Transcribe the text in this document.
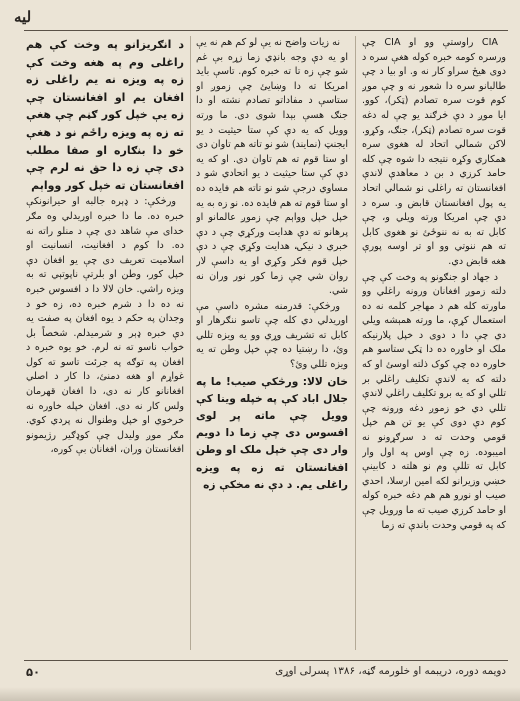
لیه

CIA راوستې وو او CIA چې ورسره کومه خبره کوله هغې سره د دوی هیڅ سراو کار نه و. او بیا د چې طالبانو سره دا شعور نه و چې موږ کوم قوت سره تصادم (ټکر)، کوو. ایا موږ د دې څرګند یو چې له دغه قوت سره تصادم (ټکر)، جنګ، وکړو. لاکن شمالي اتحاد له هغوی سره همکاري وکړه نتیجه دا شوه چې کله حامد کرزي د بن د معاهدې لاندې افغانستان ته راغلی نو شمالي اتحاد یه پول افغانستان قابض و. سره د دې چې امریکا ورته ویلي و، چې کابل ته به نه ننوځئ نو هغوی کابل ته هم ننوتي وو او تر اوسه پورې هغه قابض دي.

د جهاد او جنګونو په وخت کې چې دلته زموږ افغانان ورونه راغلي وو ماورته کله هم د مهاجر کلمه نه ده استعمال کړې، ما ورته همېشه ویلي دي چې دا د دوی د خپل پلارنیکه ملک او خاوره ده دا ټکۍ ستاسو هم خاوره ده چې کوک ذلته اوسئ او که دلته که یه لاندې تکلیف راغلي بر تللي او که یه برو تکلیف راغلي لاندې تللي دي خو زموږ دغه ورونه چې کوم دې دوی کې یو تن هم خپل قومي وحدت ته د سرګړونو نه امیبوده. زه چې اوس په اول وار کابل ته تللې وم نو هلته د کابینې خښي وزیرانو لکه امین ارسلا، احدي صیب او نورو هم هم دغه خبره کوله او حامد کرزي صیب ته ما ورویل چې که په قومي وحدت باندې ته زما

نه زیات واضح نه یې لو کم هم نه یې او یه دې وجه بانډي زما زړه بې غم شو چې زه تا ته خبره کوم. تاسې باید امریکا ته دا وښایئ چې زموږ او ستاسې د مفاداتو تصادم نشته او دا جنګ هسې بېدا شوی دی. ما ورته وویل که یه دې کې ستا حیثیت د یو ایجنټ (نمایند) شو نو تاته هم تاوان دی او ستا قوم ته هم تاوان دی. او که یه دې کې ستا حیثیت د یو اتحادي شو د مساوي درجې شو نو تاته هم فایده ده او ستا قوم ته هم فایده ده. نو زه به یه خپل خپل وواېم چې زموږ عالمانو او پرهانو ته دې هدایت ورکړي چې د دې خبري د نیکۍ، هدایت وکړي چې د دې خپل قوم فکر وکړي او یه داسې لار روان شي چې زما کور نور وران نه شي.

ورڅکې: قدرمنه مشره داسې مې اوریدلي دي کله چې تاسو ننګرهار او کابل ته تشریف وړي وو یه ویزه تللي وئ، دا رښتیا ده چې خپل وطن ته یه ویزه تللي وئ؟

خان لالا: ورڅکې صیب! ما په جلال اباد کې په خپله وینا کې وویل چې ماته پر لوی افسوس دی چې زما دا دویم وار دی چې خپل ملک او وطن افغانستان ته زه په ویزه راغلی یم. د دې نه مخکې زه

د انګریزانو په وخت کې هم راغلی وم په هغه وخت کې زه په ویزه نه یم راغلی زه افغان یم او افغانستان چې زه یې خپل کور ګڼم چې هغې ته زه په ویزه راځم نو د هغې خو دا بنګاره او صفا مطلب دی چې زه دا حق نه لرم چې افغانستان ته خپل کور وواېم

ورڅکې: د ډېره جالبه او حیرانونکې خبره ده. ما دا خبره اوریدلي وه مګر خدای مې شاهد دی چې د منلو راته نه ده. دا کوم د افغانیت، انسانیت او اسلامیت تعریف دی چې یو افغان دې خپل کور، وطن او بلرتې ناپوتېي ته به ویزه راشي. خان لالا دا د افسوس خبره نه ده دا د شرم خبره ده، زه خو د وجدان په حکم د یوه افغان په صفت یه دې خبره ډېر و شرمیدلم. شخصاً بل خواب ناسو ته نه لرم. خو یوه خبره د افغان په توګه په جرئت تاسو ته کول غواړم او هغه دمنئ، دا کار د اصلي افغانانو کار نه دی، دا افغان قهرمان ولس کار نه دی. افغان خپله خاوره نه خرخوي او خپل وطنوال نه پردي کوي. مګر موږ ولیدل چې کوډګیر رژیمونو افغانستان وران، افغانان بې کوره،

دویمه دوره، دریبمه او خلورمه ګڼه، ۱۳۸۶ پسرلی اوړی
۵۰
